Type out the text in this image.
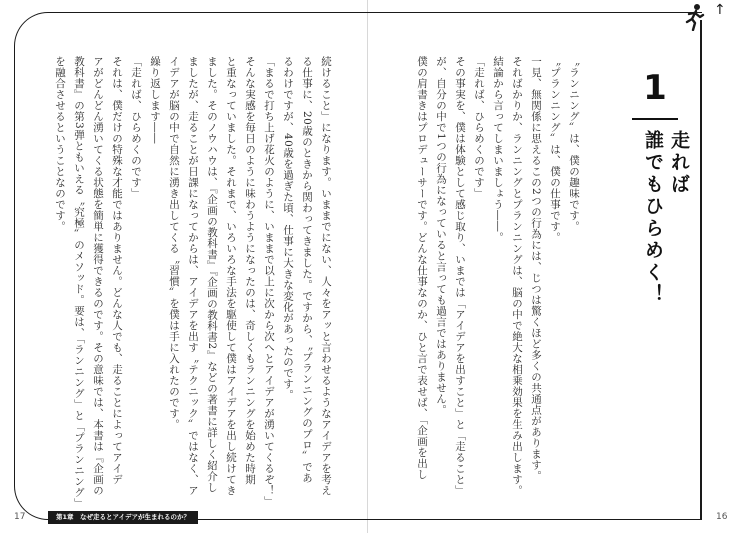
↑
続けること」になります。いままでにない、人々をアッと言わせるようなアイデアを考え
る仕事に、20歳のときから関わってきました。ですから、〝プランニングのプロ〟であ
るわけですが、40歳を過ぎた頃、仕事に大きな変化があったのです。
「まるで打ち上げ花火のように、いままで以上に次から次へとアイデアが湧いてくるぞ！」
そんな実感を毎日のように味わうようになったのは、奇しくもランニングを始めた時期
と重なっていました。それまで、いろいろな手法を駆使して僕はアイデアを出し続けてき
ました。そのノウハウは、『企画の教科書』『企画の教科書2』などの著書に詳しく紹介し
ましたが、走ることが日課になってからは、アイデアを出す〝テクニック〟ではなく、ア
イデアが脳の中で自然に湧き出してくる〝習慣〟を僕は手に入れたのです。
繰り返します――
「走れば、ひらめくのです」
それは、僕だけの特殊な才能ではありません。どんな人でも、走ることによってアイデ
アがどんどん湧いてくる状態を簡単に獲得できるのです。その意味では、本書は『企画の
教科書』の第3弾ともいえる〝究極〟のメソッド。要は、「ランニング」と「プランニング」
を融合させるということなのです。	1
走れば
誰でもひらめく！
〝ランニング〟は、僕の趣味です。
〝プランニング〟は、僕の仕事です。
一見、無関係に思えるこの2つの行為には、じつは驚くほど多くの共通点があります。
そればかりか、ランニングとプランニングは、脳の中で絶大な相乗効果を生み出します。
結論から言ってしまいましょう――。
「走れば、ひらめくのです」
その事実を、僕は体験として感じ取り、いまでは「アイデアを出すこと」と「走ること」
が、自分の中で1つの行為になっていると言っても過言ではありません。
僕の肩書きはプロデューサーです。どんな仕事なのか、ひと言で表せば、「企画を出し
17	第1章　なぜ走るとアイデアが生まれるのか？	16
